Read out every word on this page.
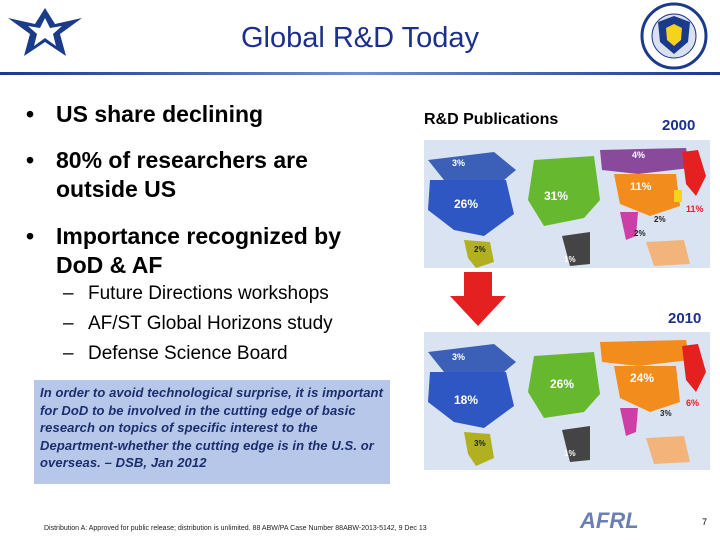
Global R&D Today
• US share declining
• 80% of researchers are outside US
• Importance recognized by DoD & AF
– Future Directions workshops
– AF/ST Global Horizons study
– Defense Science Board
In order to avoid technological surprise, it is important for DoD to be involved in the cutting edge of basic research on topics of specific interest to the Department-whether the cutting edge is in the U.S. or overseas. – DSB, Jan 2012
R&D Publications	2000
3%
26%
31%
4%
11%
11%
2%
2%
2%
1%
2010
3%
18%
26%	24%
6%
3%
3%
1%
Distribution A: Approved for public release; distribution is unlimited. 88 ABW/PA Case Number 88ABW-2013-5142, 9 Dec 13	AFRL	7
